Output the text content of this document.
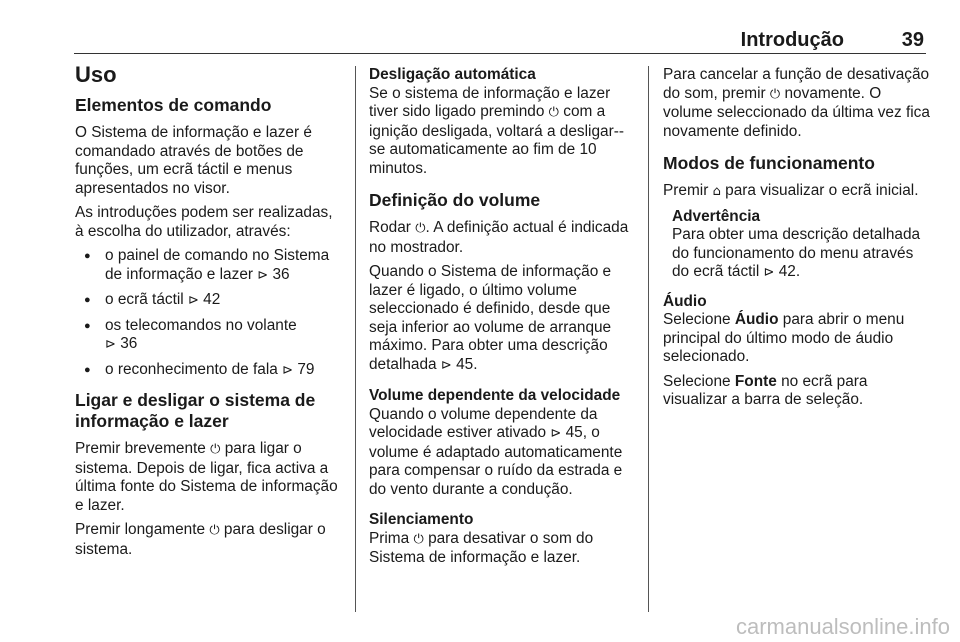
Introdução	39
Uso
Elementos de comando

O Sistema de informação e lazer é comandado através de botões de funções, um ecrã táctil e menus apresentados no visor.

As introduções podem ser realizadas, à escolha do utilizador, através:

● o painel de comando no Sistema de informação e lazer ⊳ 36
● o ecrã táctil ⊳ 42
● os telecomandos no volante
⊳ 36
● o reconhecimento de fala ⊳ 79
Ligar e desligar o sistema de informação e lazer

Premir brevemente ⏻ para ligar o sistema. Depois de ligar, fica activa a última fonte do Sistema de informação e lazer.

Premir longamente ⏻ para desligar o sistema.

Desligação automática

Se o sistema de informação e lazer tiver sido ligado premindo ⏻ com a ignição desligada, voltará a desligar--se automaticamente ao fim de 10 minutos.

Definição do volume

Rodar ⏻. A definição actual é indicada no mostrador.

Quando o Sistema de informação e lazer é ligado, o último volume seleccionado é definido, desde que seja inferior ao volume de arranque máximo. Para obter uma descrição detalhada ⊳ 45.

Volume dependente da velocidade

Quando o volume dependente da velocidade estiver ativado ⊳ 45, o volume é adaptado automaticamente para compensar o ruído da estrada e do vento durante a condução.

Silenciamento

Prima ⏻ para desativar o som do Sistema de informação e lazer.

Para cancelar a função de desativação do som, premir ⏻ novamente. O volume seleccionado da última vez fica novamente definido.

Modos de funcionamento

Premir ⌂ para visualizar o ecrã inicial.

Advertência
Para obter uma descrição detalhada do funcionamento do menu através do ecrã táctil ⊳ 42.
Áudio

Selecione Áudio para abrir o menu principal do último modo de áudio selecionado.

Selecione Fonte no ecrã para visualizar a barra de seleção.

carmanualsonline.info
